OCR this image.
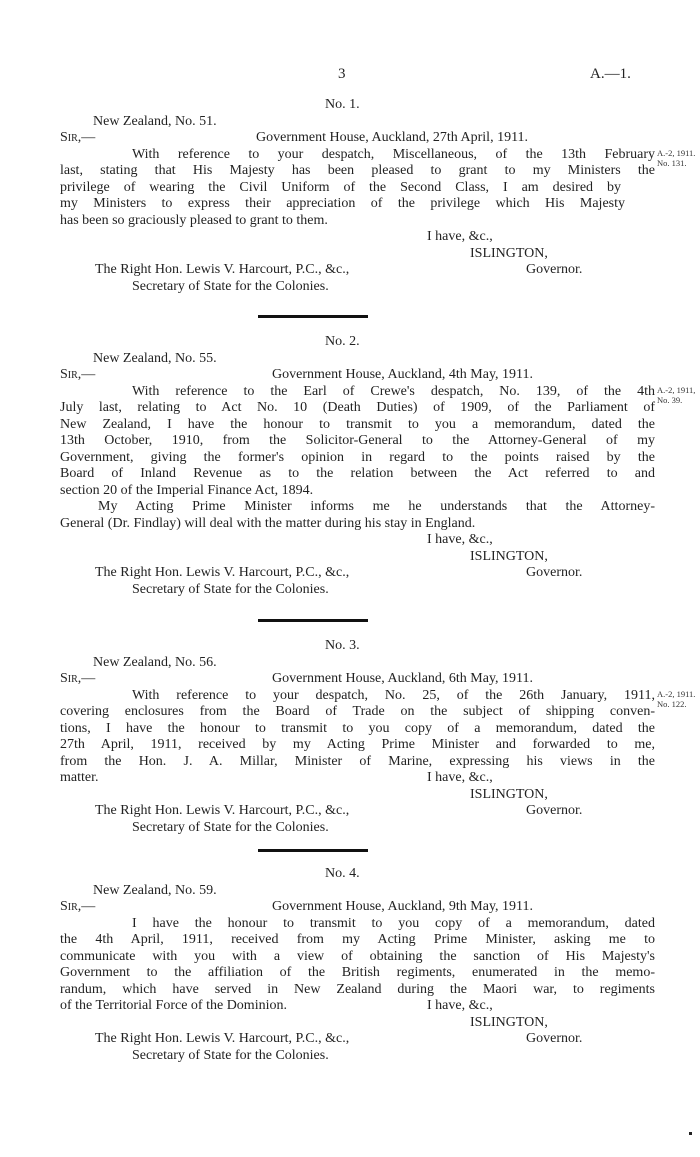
3	A.—1.
No. 1.
New Zealand, No. 51.
Sir,—	Government House, Auckland, 27th April, 1911.
With reference to your despatch, Miscellaneous, of the 13th February A.-2, 1911.
No. 131.
last, stating that His Majesty has been pleased to grant to my Ministers the
privilege of wearing the Civil Uniform of the Second Class, I am desired by
my Ministers to express their appreciation of the privilege which His Majesty
has been so graciously pleased to grant to them.
I have, &c.,
ISLINGTON,
The Right Hon. Lewis V. Harcourt, P.C., &c.,	Governor.
Secretary of State for the Colonies.
No. 2.
New Zealand, No. 55.
Sir,—	Government House, Auckland, 4th May, 1911.
With reference to the Earl of Crewe's despatch, No. 139, of the 4th A.-2, 1911,
No. 39.
July last, relating to Act No. 10 (Death Duties) of 1909, of the Parliament of
New Zealand, I have the honour to transmit to you a memorandum, dated the
13th October, 1910, from the Solicitor-General to the Attorney-General of my
Government, giving the former's opinion in regard to the points raised by the
Board of Inland Revenue as to the relation between the Act referred to and
section 20 of the Imperial Finance Act, 1894.
My Acting Prime Minister informs me he understands that the Attorney-
General (Dr. Findlay) will deal with the matter during his stay in England.
I have, &c.,
ISLINGTON,
The Right Hon. Lewis V. Harcourt, P.C., &c.,	Governor.
Secretary of State for the Colonies.
No. 3.
New Zealand, No. 56.
Sir,—	Government House, Auckland, 6th May, 1911.
With reference to your despatch, No. 25, of the 26th January, 1911, A.-2, 1911.
No. 122.
covering enclosures from the Board of Trade on the subject of shipping conven-
tions, I have the honour to transmit to you copy of a memorandum, dated the
27th April, 1911, received by my Acting Prime Minister and forwarded to me,
from the Hon. J. A. Millar, Minister of Marine, expressing his views in the
matter.	I have, &c.,
ISLINGTON,
The Right Hon. Lewis V. Harcourt, P.C., &c.,	Governor.
Secretary of State for the Colonies.
No. 4.
New Zealand, No. 59.
Sir,—	Government House, Auckland, 9th May, 1911.
I have the honour to transmit to you copy of a memorandum, dated
the 4th April, 1911, received from my Acting Prime Minister, asking me to
communicate with you with a view of obtaining the sanction of His Majesty's
Government to the affiliation of the British regiments, enumerated in the memo-
randum, which have served in New Zealand during the Maori war, to regiments
of the Territorial Force of the Dominion.	I have, &c.,
ISLINGTON,
The Right Hon. Lewis V. Harcourt, P.C., &c.,	Governor.
Secretary of State for the Colonies.
